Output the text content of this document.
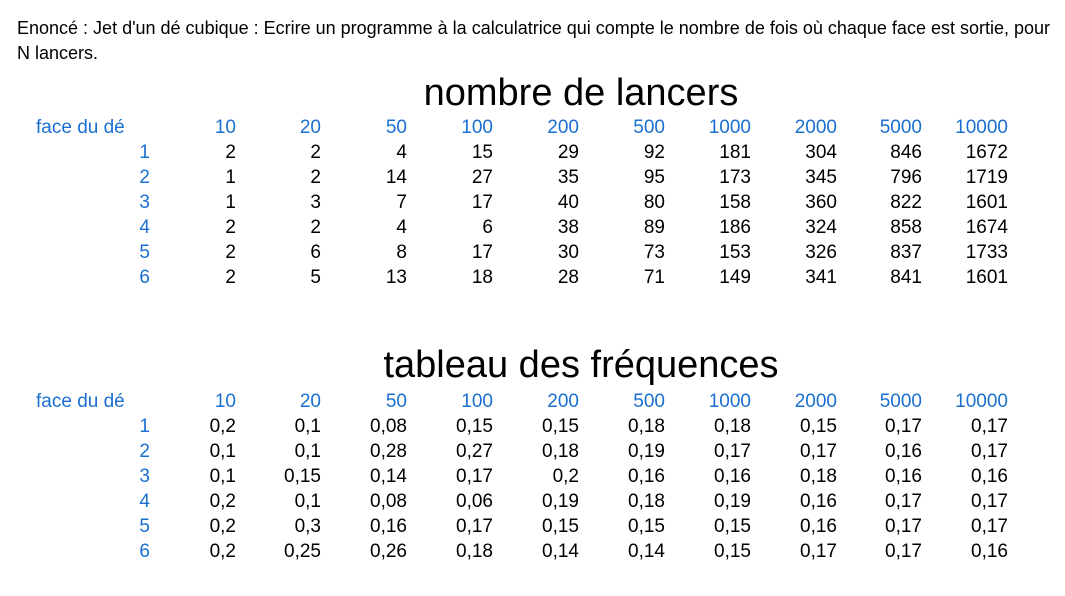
Enoncé : Jet d'un dé cubique : Ecrire un programme à la calculatrice qui compte le nombre de fois où chaque face est sortie, pour N lancers.
nombre de lancers
face du dé	10	20	50	100	200	500	1000	2000	5000	10000
1	2	2	4	15	29	92	181	304	846	1672
2	1	2	14	27	35	95	173	345	796	1719
3	1	3	7	17	40	80	158	360	822	1601
4	2	2	4	6	38	89	186	324	858	1674
5	2	6	8	17	30	73	153	326	837	1733
6	2	5	13	18	28	71	149	341	841	1601
tableau des fréquences
face du dé	10	20	50	100	200	500	1000	2000	5000	10000
1	0,2	0,1	0,08	0,15	0,15	0,18	0,18	0,15	0,17	0,17
2	0,1	0,1	0,28	0,27	0,18	0,19	0,17	0,17	0,16	0,17
3	0,1	0,15	0,14	0,17	0,2	0,16	0,16	0,18	0,16	0,16
4	0,2	0,1	0,08	0,06	0,19	0,18	0,19	0,16	0,17	0,17
5	0,2	0,3	0,16	0,17	0,15	0,15	0,15	0,16	0,17	0,17
6	0,2	0,25	0,26	0,18	0,14	0,14	0,15	0,17	0,17	0,16
